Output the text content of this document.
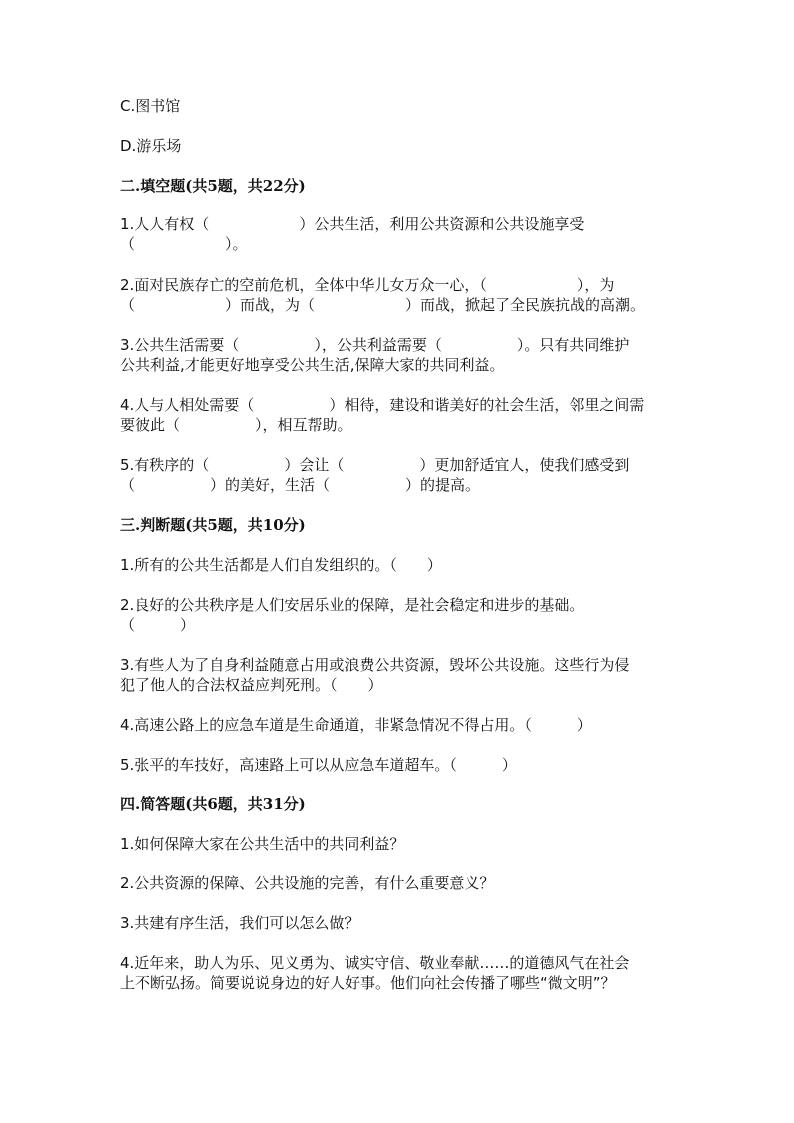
C.图书馆
D.游乐场
二.填空题(共5题，共22分)
1.人人有权（　　　　　　）公共生活，利用公共资源和公共设施享受
（　　　　　　）。
2.面对民族存亡的空前危机，全体中华儿女万众一心，（　　　　　　），为
（　　　　　　）而战，为（　　　　　　）而战，掀起了全民族抗战的高潮。
3.公共生活需要（　　　　　），公共利益需要（　　　　　）。只有共同维护
公共利益,才能更好地享受公共生活,保障大家的共同利益。
4.人与人相处需要（　　　　　）相待，建设和谐美好的社会生活，邻里之间需
要彼此（　　　　　），相互帮助。
5.有秩序的（　　　　　）会让（　　　　　）更加舒适宜人，使我们感受到
（　　　　　）的美好，生活（　　　　　）的提高。
三.判断题(共5题，共10分)
1.所有的公共生活都是人们自发组织的。（　　）
2.良好的公共秩序是人们安居乐业的保障，是社会稳定和进步的基础。
（　　　）
3.有些人为了自身利益随意占用或浪费公共资源，毁坏公共设施。这些行为侵
犯了他人的合法权益应判死刑。（　　）
4.高速公路上的应急车道是生命通道，非紧急情况不得占用。（　　　）
5.张平的车技好，高速路上可以从应急车道超车。（　　　）
四.简答题(共6题，共31分)
1.如何保障大家在公共生活中的共同利益？
2.公共资源的保障、公共设施的完善，有什么重要意义？
3.共建有序生活，我们可以怎么做？
4.近年来，助人为乐、见义勇为、诚实守信、敬业奉献……的道德风气在社会
上不断弘扬。简要说说身边的好人好事。他们向社会传播了哪些“微文明”？
